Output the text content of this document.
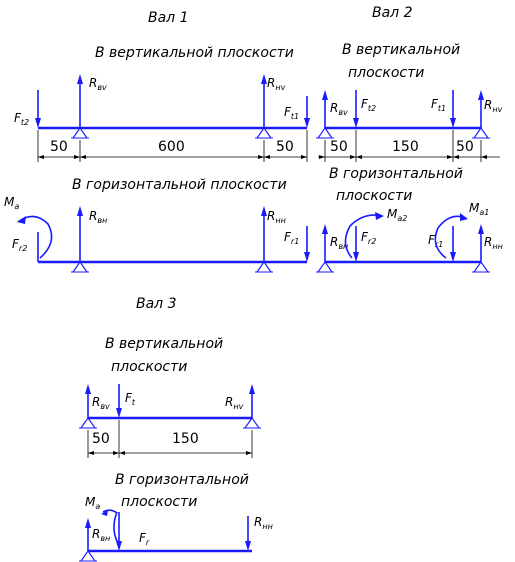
Вал 1
В вертикальной плоскости
$F_{t2}$
$R_{вv}$	$R_{нv}$
$F_{t1}$
50	600	50
В горизонтальной плоскости
$M_a$
$F_{r2}$
$R_{вн}$	$R_{нн}$
$F_{r1}$
Вал 2
В вертикальной
плоскости
$R_{вv}$
$F_{t2}$	$F_{t1}$	$R_{нv}$
50	150	50
В горизонтальной
плоскости
$R_{вн}$
$M_{a2}$
$F_{r2}$	$F_{r1}$
$M_{a1}$
$R_{нн}$
Вал 3
В вертикальной
плоскости
$R_{вv}$
$F_t$	$R_{нv}$
50	150
В горизонтальной
плоскости
$M_a$
$R_{вн}$ $F_r$
$R_{нн}$
